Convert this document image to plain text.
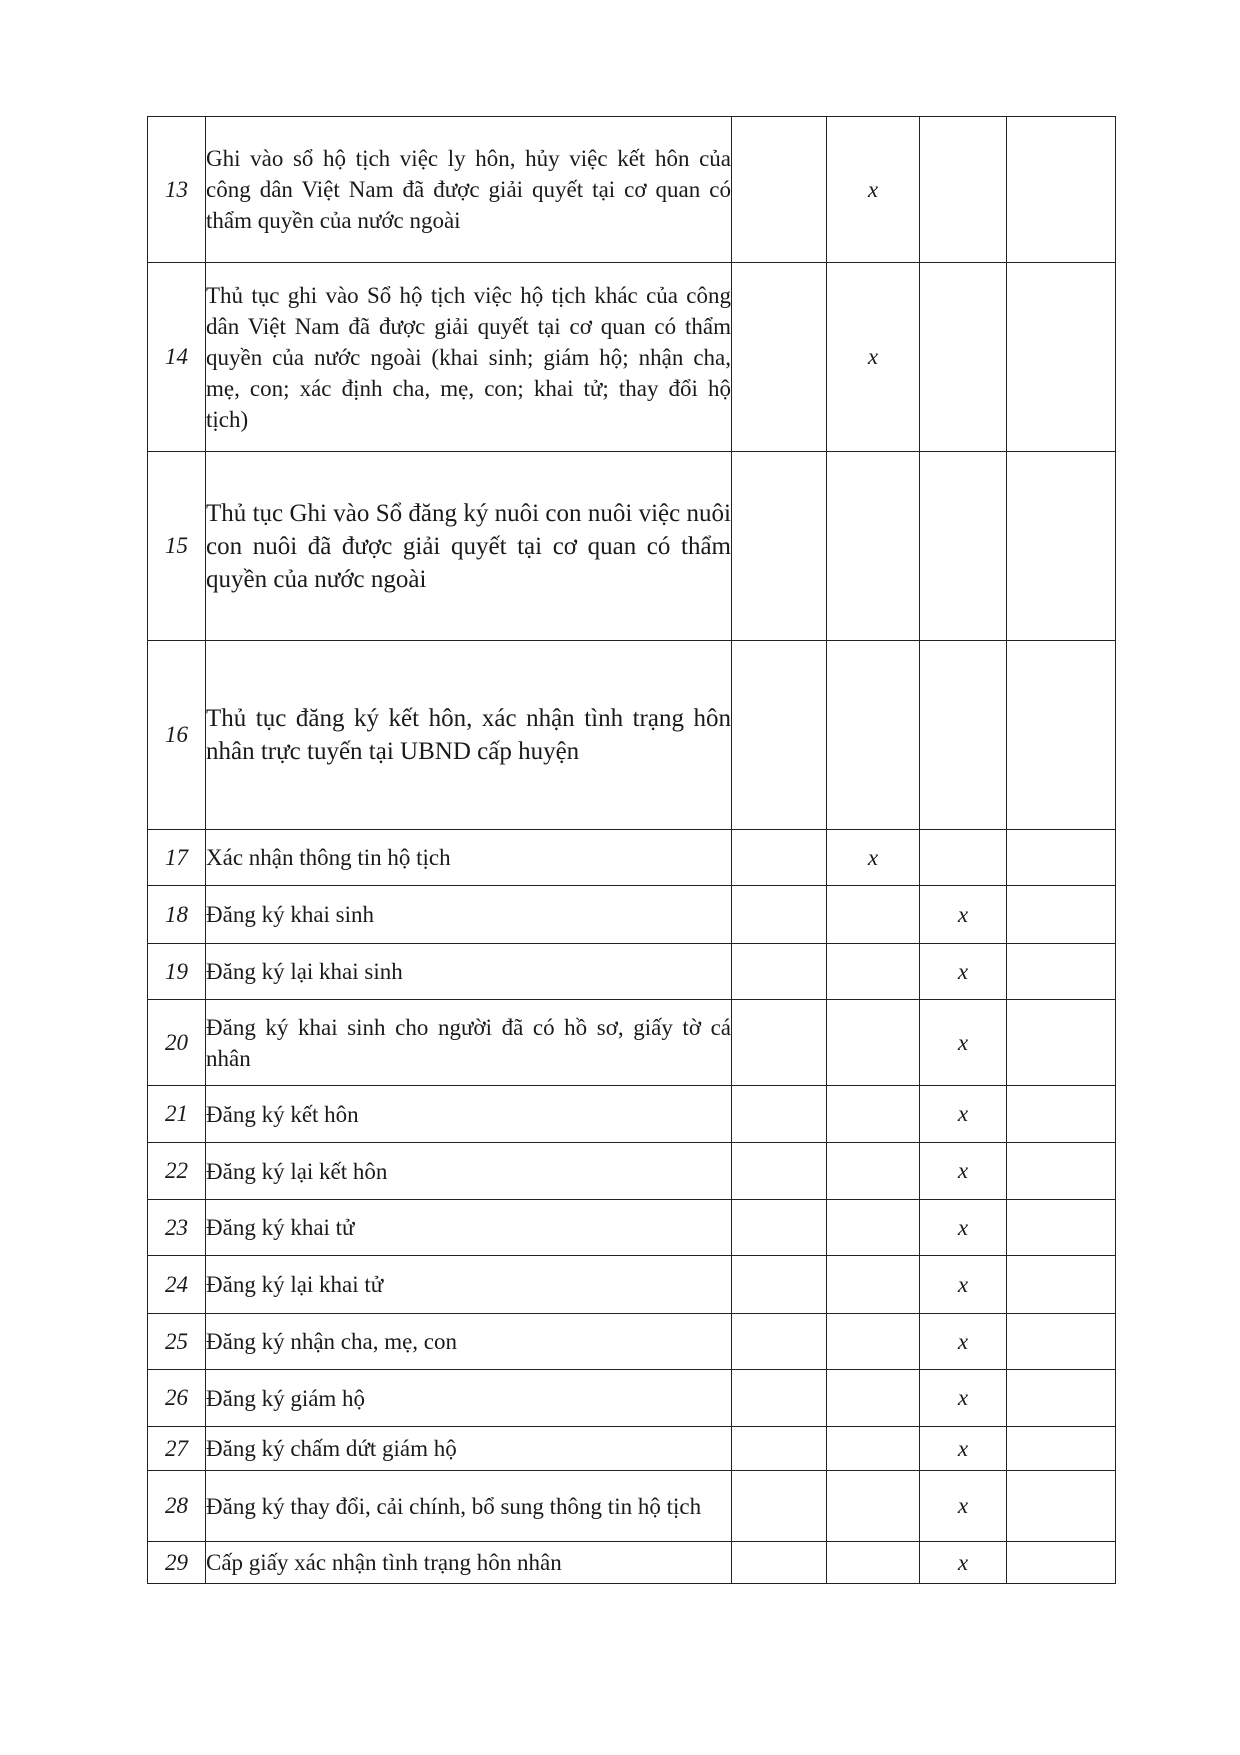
13	Ghi vào sổ hộ tịch việc ly hôn, hủy việc kết hôn của công dân Việt Nam đã được giải quyết tại cơ quan có thẩm quyền của nước ngoài		x		
14	Thủ tục ghi vào Sổ hộ tịch việc hộ tịch khác của công dân Việt Nam đã được giải quyết tại cơ quan có thẩm quyền của nước ngoài (khai sinh; giám hộ; nhận cha, mẹ, con; xác định cha, mẹ, con; khai tử; thay đổi hộ tịch)		x		
15	Thủ tục Ghi vào Sổ đăng ký nuôi con nuôi việc nuôi con nuôi đã được giải quyết tại cơ quan có thẩm quyền của nước ngoài				
16	Thủ tục đăng ký kết hôn, xác nhận tình trạng hôn nhân trực tuyến tại UBND cấp huyện				
17	Xác nhận thông tin hộ tịch		x		
18	Đăng ký khai sinh			x	
19	Đăng ký lại khai sinh			x	
20	Đăng ký khai sinh cho người đã có hồ sơ, giấy tờ cá nhân			x	
21	Đăng ký kết hôn			x	
22	Đăng ký lại kết hôn			x	
23	Đăng ký khai tử			x	
24	Đăng ký lại khai tử			x	
25	Đăng ký nhận cha, mẹ, con			x	
26	Đăng ký giám hộ			x	
27	Đăng ký chấm dứt giám hộ			x	
28	Đăng ký thay đổi, cải chính, bổ sung thông tin hộ tịch			x	
29	Cấp giấy xác nhận tình trạng hôn nhân			x	
